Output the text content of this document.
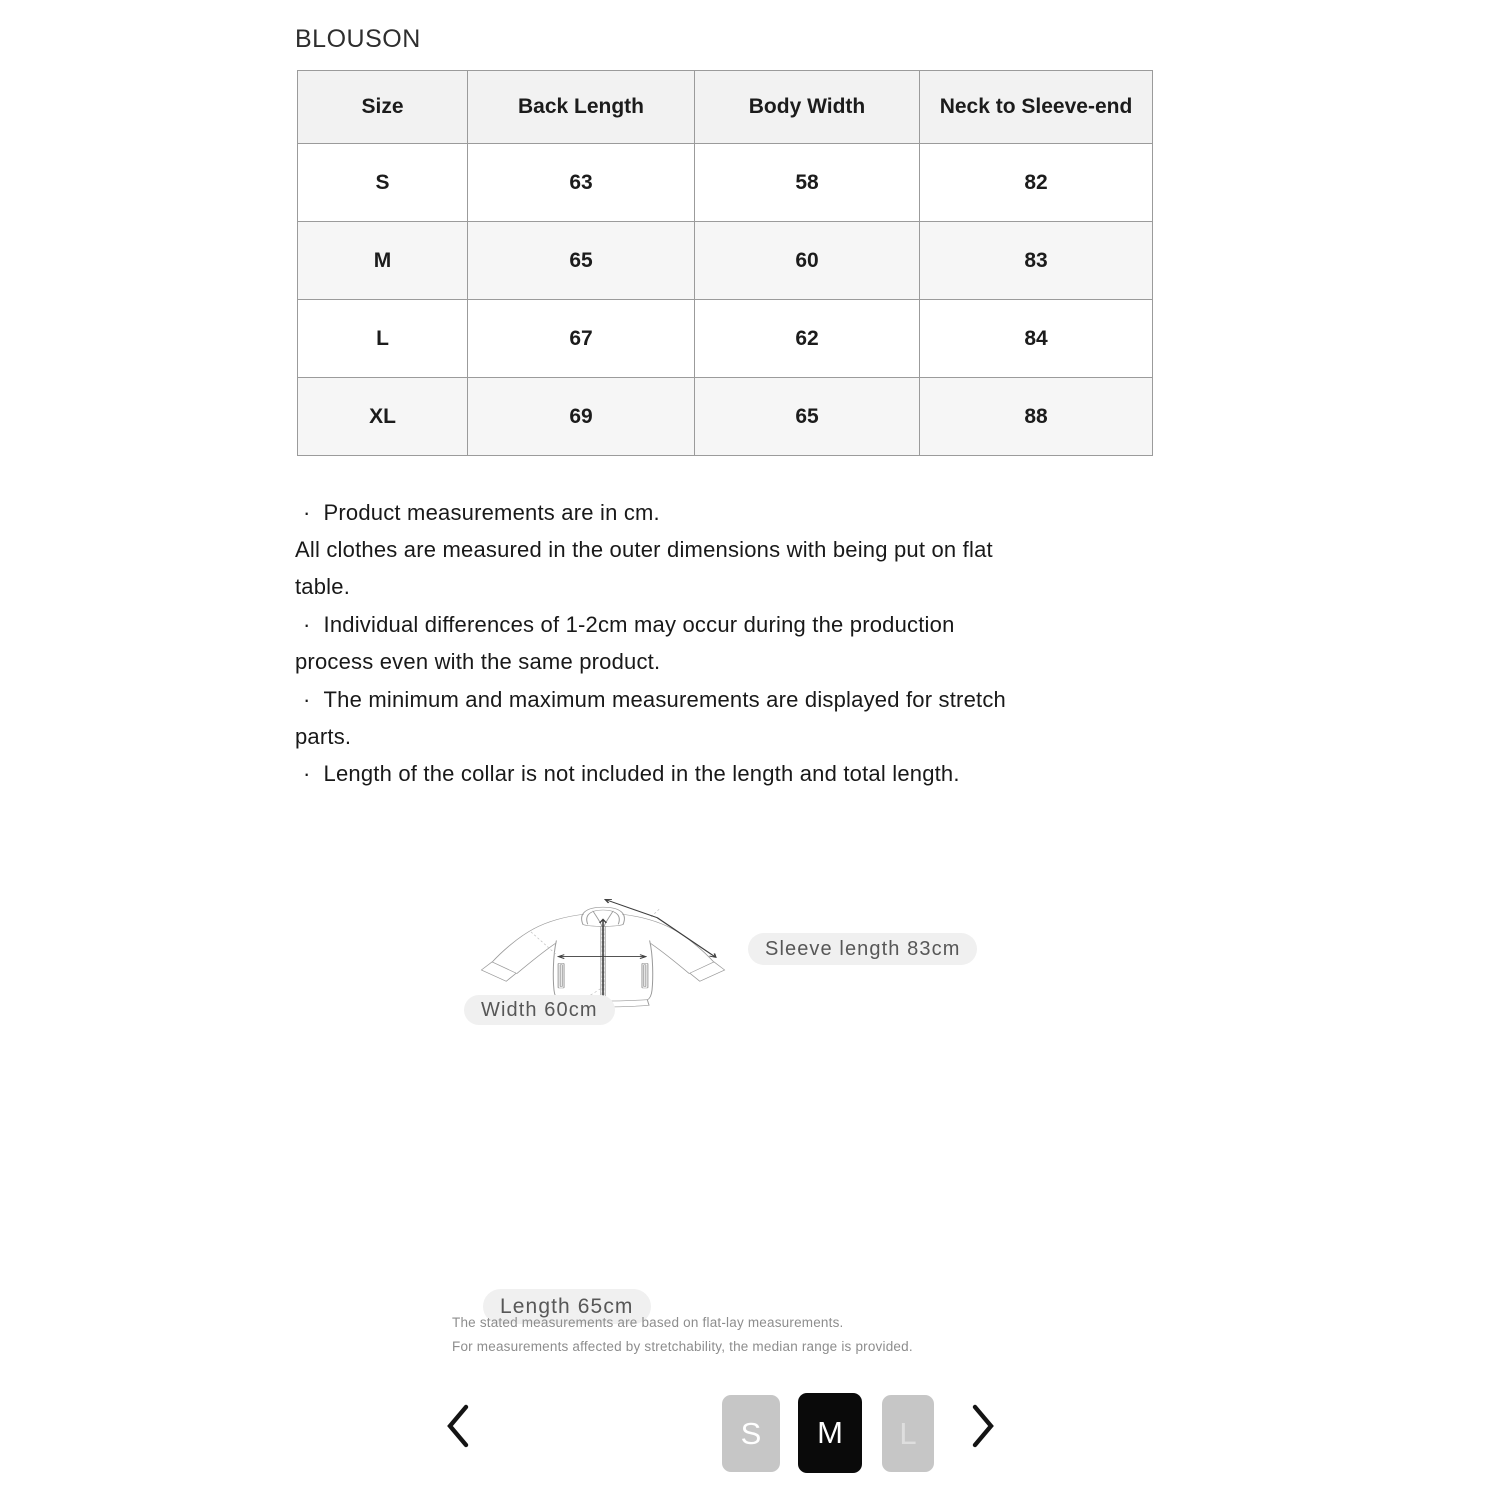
BLOUSON
Size	Back Length	Body Width	Neck to Sleeve-end
S	63	58	82
M	65	60	83
L	67	62	84
XL	69	65	88
· Product measurements are in cm.
All clothes are measured in the outer dimensions with being put on flat
table.
· Individual differences of 1-2cm may occur during the production
process even with the same product.
· The minimum and maximum measurements are displayed for stretch
parts.
· Length of the collar is not included in the length and total length.
Sleeve length 83cm
Width 60cm
Length 65cm
The stated measurements are based on flat-lay measurements.
For measurements affected by stretchability, the median range is provided.
S M L
